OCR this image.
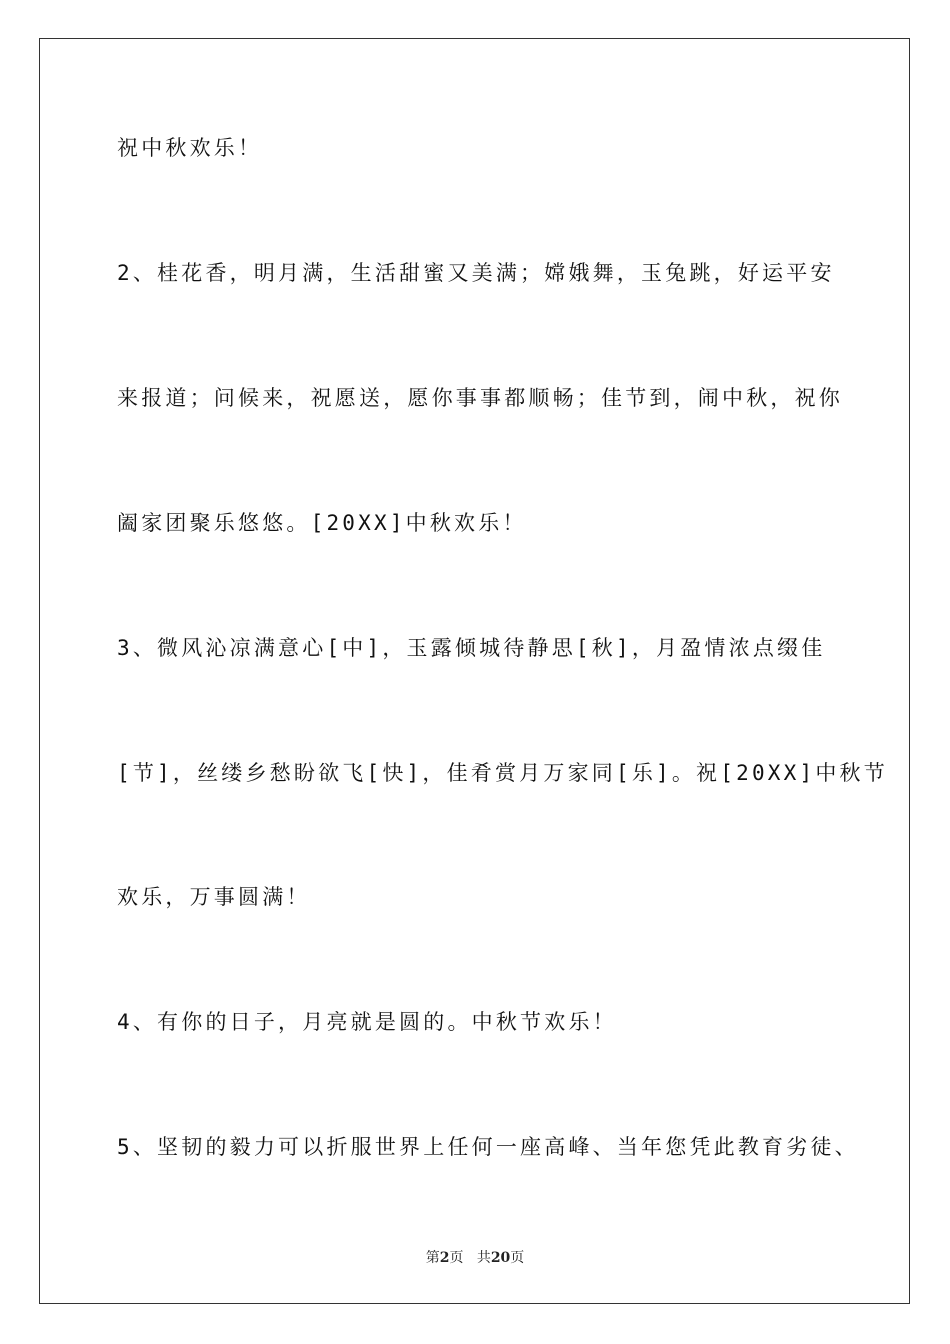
祝中秋欢乐！
2、桂花香，明月满，生活甜蜜又美满；嫦娥舞，玉兔跳，好运平安
来报道；问候来，祝愿送，愿你事事都顺畅；佳节到，闹中秋，祝你
阖家团聚乐悠悠。[20XX]中秋欢乐！
3、微风沁凉满意心[中]，玉露倾城待静思[秋]，月盈情浓点缀佳
[节]，丝缕乡愁盼欲飞[快]，佳肴赏月万家同[乐]。祝[20XX]中秋节
欢乐，万事圆满！
4、有你的日子，月亮就是圆的。中秋节欢乐！
5、坚韧的毅力可以折服世界上任何一座高峰、当年您凭此教育劣徒、
第2页 共20页
